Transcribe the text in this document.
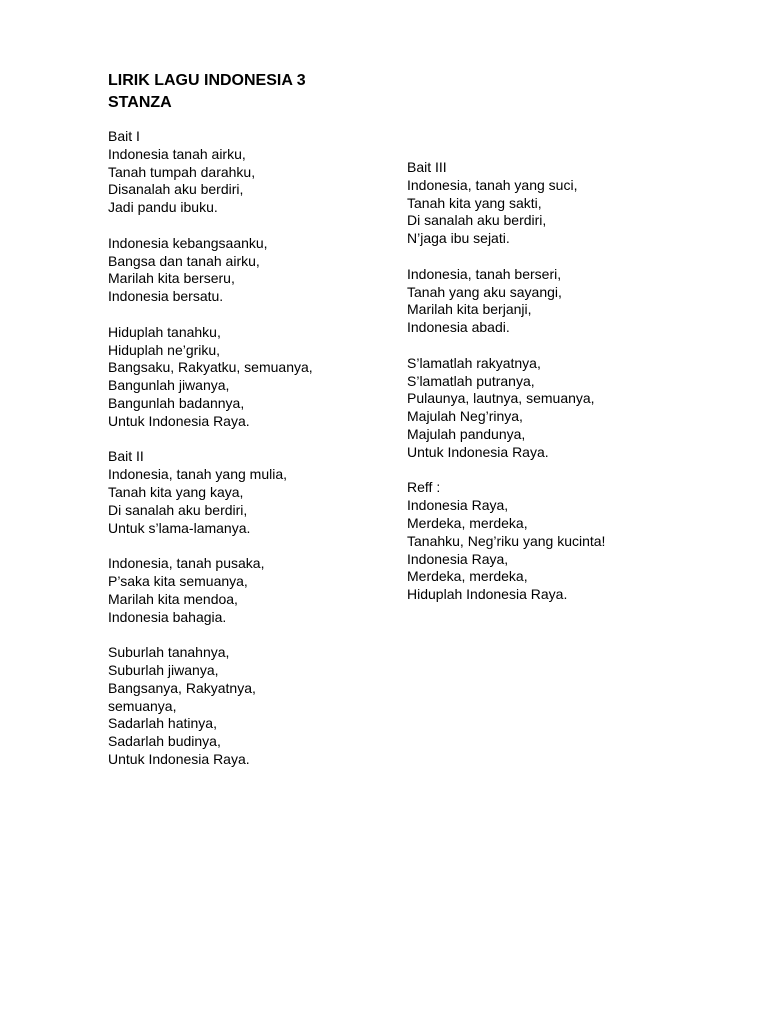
LIRIK LAGU INDONESIA 3 STANZA
Bait I
Indonesia tanah airku,
Tanah tumpah darahku,
Disanalah aku berdiri,
Jadi pandu ibuku.
Indonesia kebangsaanku,
Bangsa dan tanah airku,
Marilah kita berseru,
Indonesia bersatu.
Hiduplah tanahku,
Hiduplah ne’griku,
Bangsaku, Rakyatku, semuanya,
Bangunlah jiwanya,
Bangunlah badannya,
Untuk Indonesia Raya.
Bait II
Indonesia, tanah yang mulia,
Tanah kita yang kaya,
Di sanalah aku berdiri,
Untuk s’lama-lamanya.
Indonesia, tanah pusaka,
P’saka kita semuanya,
Marilah kita mendoa,
Indonesia bahagia.
Suburlah tanahnya,
Suburlah jiwanya,
Bangsanya, Rakyatnya,
semuanya,
Sadarlah hatinya,
Sadarlah budinya,
Untuk Indonesia Raya.
Bait III
Indonesia, tanah yang suci,
Tanah kita yang sakti,
Di sanalah aku berdiri,
N’jaga ibu sejati.
Indonesia, tanah berseri,
Tanah yang aku sayangi,
Marilah kita berjanji,
Indonesia abadi.
S’lamatlah rakyatnya,
S’lamatlah putranya,
Pulaunya, lautnya, semuanya,
Majulah Neg’rinya,
Majulah pandunya,
Untuk Indonesia Raya.
Reff :
Indonesia Raya,
Merdeka, merdeka,
Tanahku, Neg’riku yang kucinta!
Indonesia Raya,
Merdeka, merdeka,
Hiduplah Indonesia Raya.
